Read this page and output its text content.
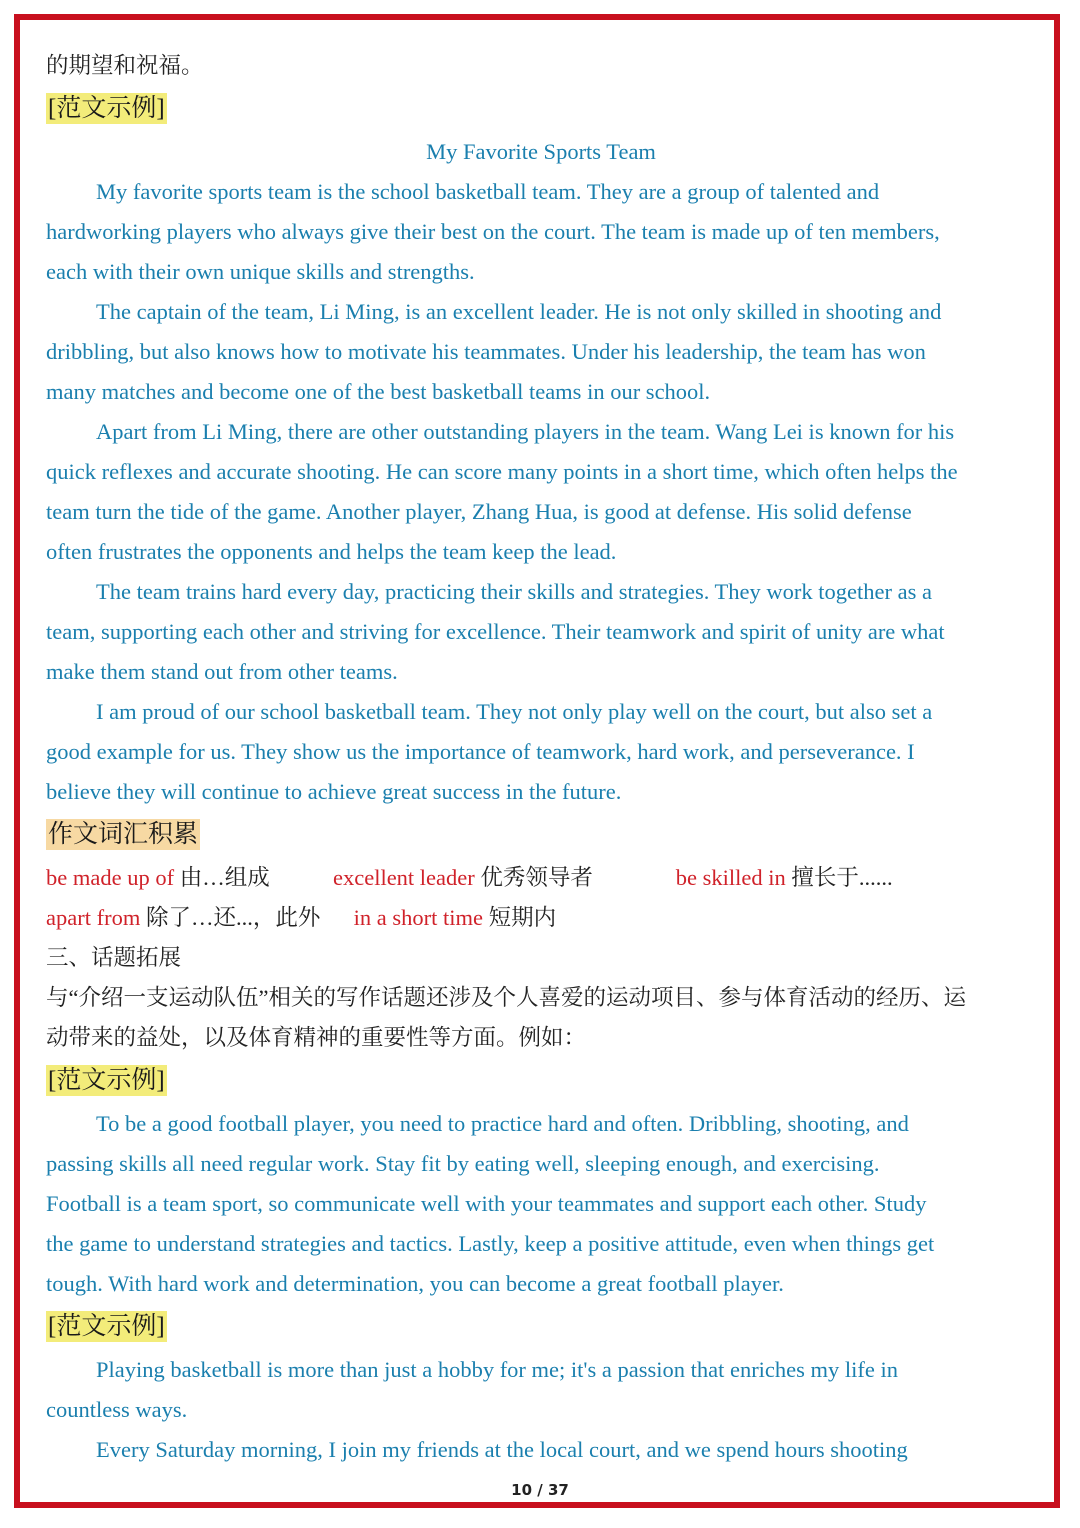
的期望和祝福。
[范文示例]
My Favorite Sports Team
My favorite sports team is the school basketball team. They are a group of talented and
hardworking players who always give their best on the court. The team is made up of ten members,
each with their own unique skills and strengths.
The captain of the team, Li Ming, is an excellent leader. He is not only skilled in shooting and
dribbling, but also knows how to motivate his teammates. Under his leadership, the team has won
many matches and become one of the best basketball teams in our school.
Apart from Li Ming, there are other outstanding players in the team. Wang Lei is known for his
quick reflexes and accurate shooting. He can score many points in a short time, which often helps the
team turn the tide of the game. Another player, Zhang Hua, is good at defense. His solid defense
often frustrates the opponents and helps the team keep the lead.
The team trains hard every day, practicing their skills and strategies. They work together as a
team, supporting each other and striving for excellence. Their teamwork and spirit of unity are what
make them stand out from other teams.
I am proud of our school basketball team. They not only play well on the court, but also set a
good example for us. They show us the importance of teamwork, hard work, and perseverance. I
believe they will continue to achieve great success in the future.
作文词汇积累
be made up of 由…组成	excellent leader 优秀领导者	be skilled in 擅长于......
apart from 除了…还...，此外 in a short time 短期内
三、话题拓展
与“介绍一支运动队伍”相关的写作话题还涉及个人喜爱的运动项目、参与体育活动的经历、运
动带来的益处，以及体育精神的重要性等方面。例如：
[范文示例]
To be a good football player, you need to practice hard and often. Dribbling, shooting, and
passing skills all need regular work. Stay fit by eating well, sleeping enough, and exercising.
Football is a team sport, so communicate well with your teammates and support each other. Study
the game to understand strategies and tactics. Lastly, keep a positive attitude, even when things get
tough. With hard work and determination, you can become a great football player.
[范文示例]
Playing basketball is more than just a hobby for me; it's a passion that enriches my life in
countless ways.
Every Saturday morning, I join my friends at the local court, and we spend hours shooting
10 / 37
